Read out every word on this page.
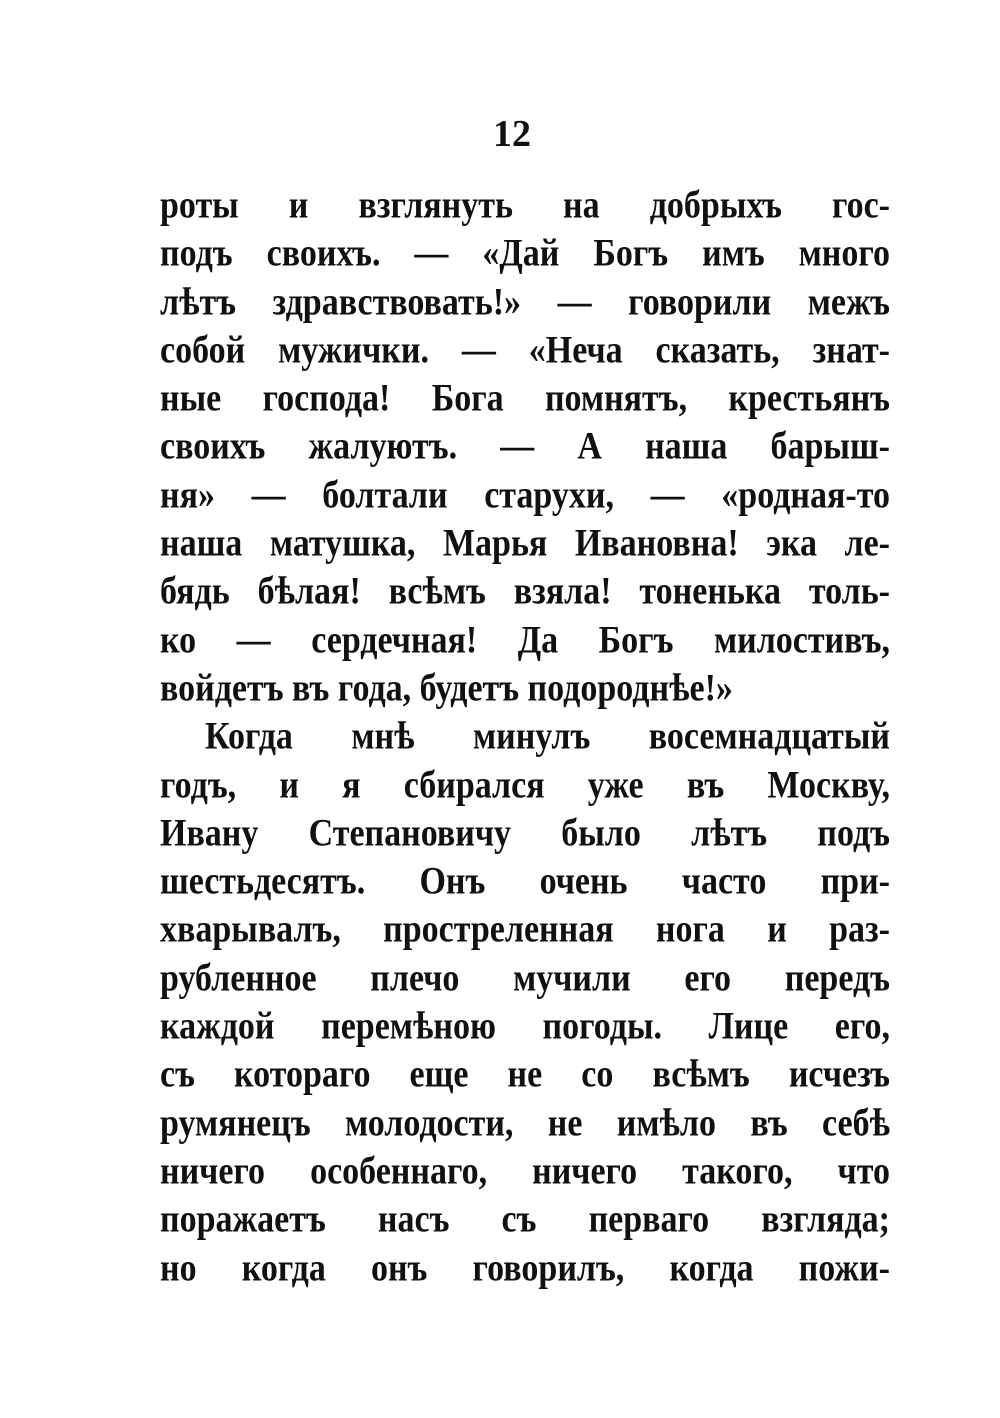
12
роты и взглянуть на добрыхъ гос-
подъ своихъ. — «Дай Богъ имъ много
лѣтъ здравствовать!» — говорили межъ
собой мужички. — «Неча сказать, знат-
ные господа! Бога помнятъ, крестьянъ
своихъ жалуютъ. — А наша барыш-
ня» — болтали старухи, — «родная-то
наша матушка, Марья Ивановна! эка ле-
бядь бѣлая! всѣмъ взяла! тоненька толь-
ко — сердечная! Да Богъ милостивъ,
войдетъ въ года, будетъ подороднѣе!»
Когда мнѣ минулъ восемнадцатый
годъ, и я сбирался уже въ Москву,
Ивану Степановичу было лѣтъ подъ
шестьдесятъ. Онъ очень часто при-
хварывалъ, простреленная нога и раз-
рубленное плечо мучили его передъ
каждой перемѣною погоды. Лице его,
съ котораго еще не со всѣмъ исчезъ
румянецъ молодости, не имѣло въ себѣ
ничего особеннаго, ничего такого, что
поражаетъ насъ съ перваго взгляда;
но когда онъ говорилъ, когда пожи-
